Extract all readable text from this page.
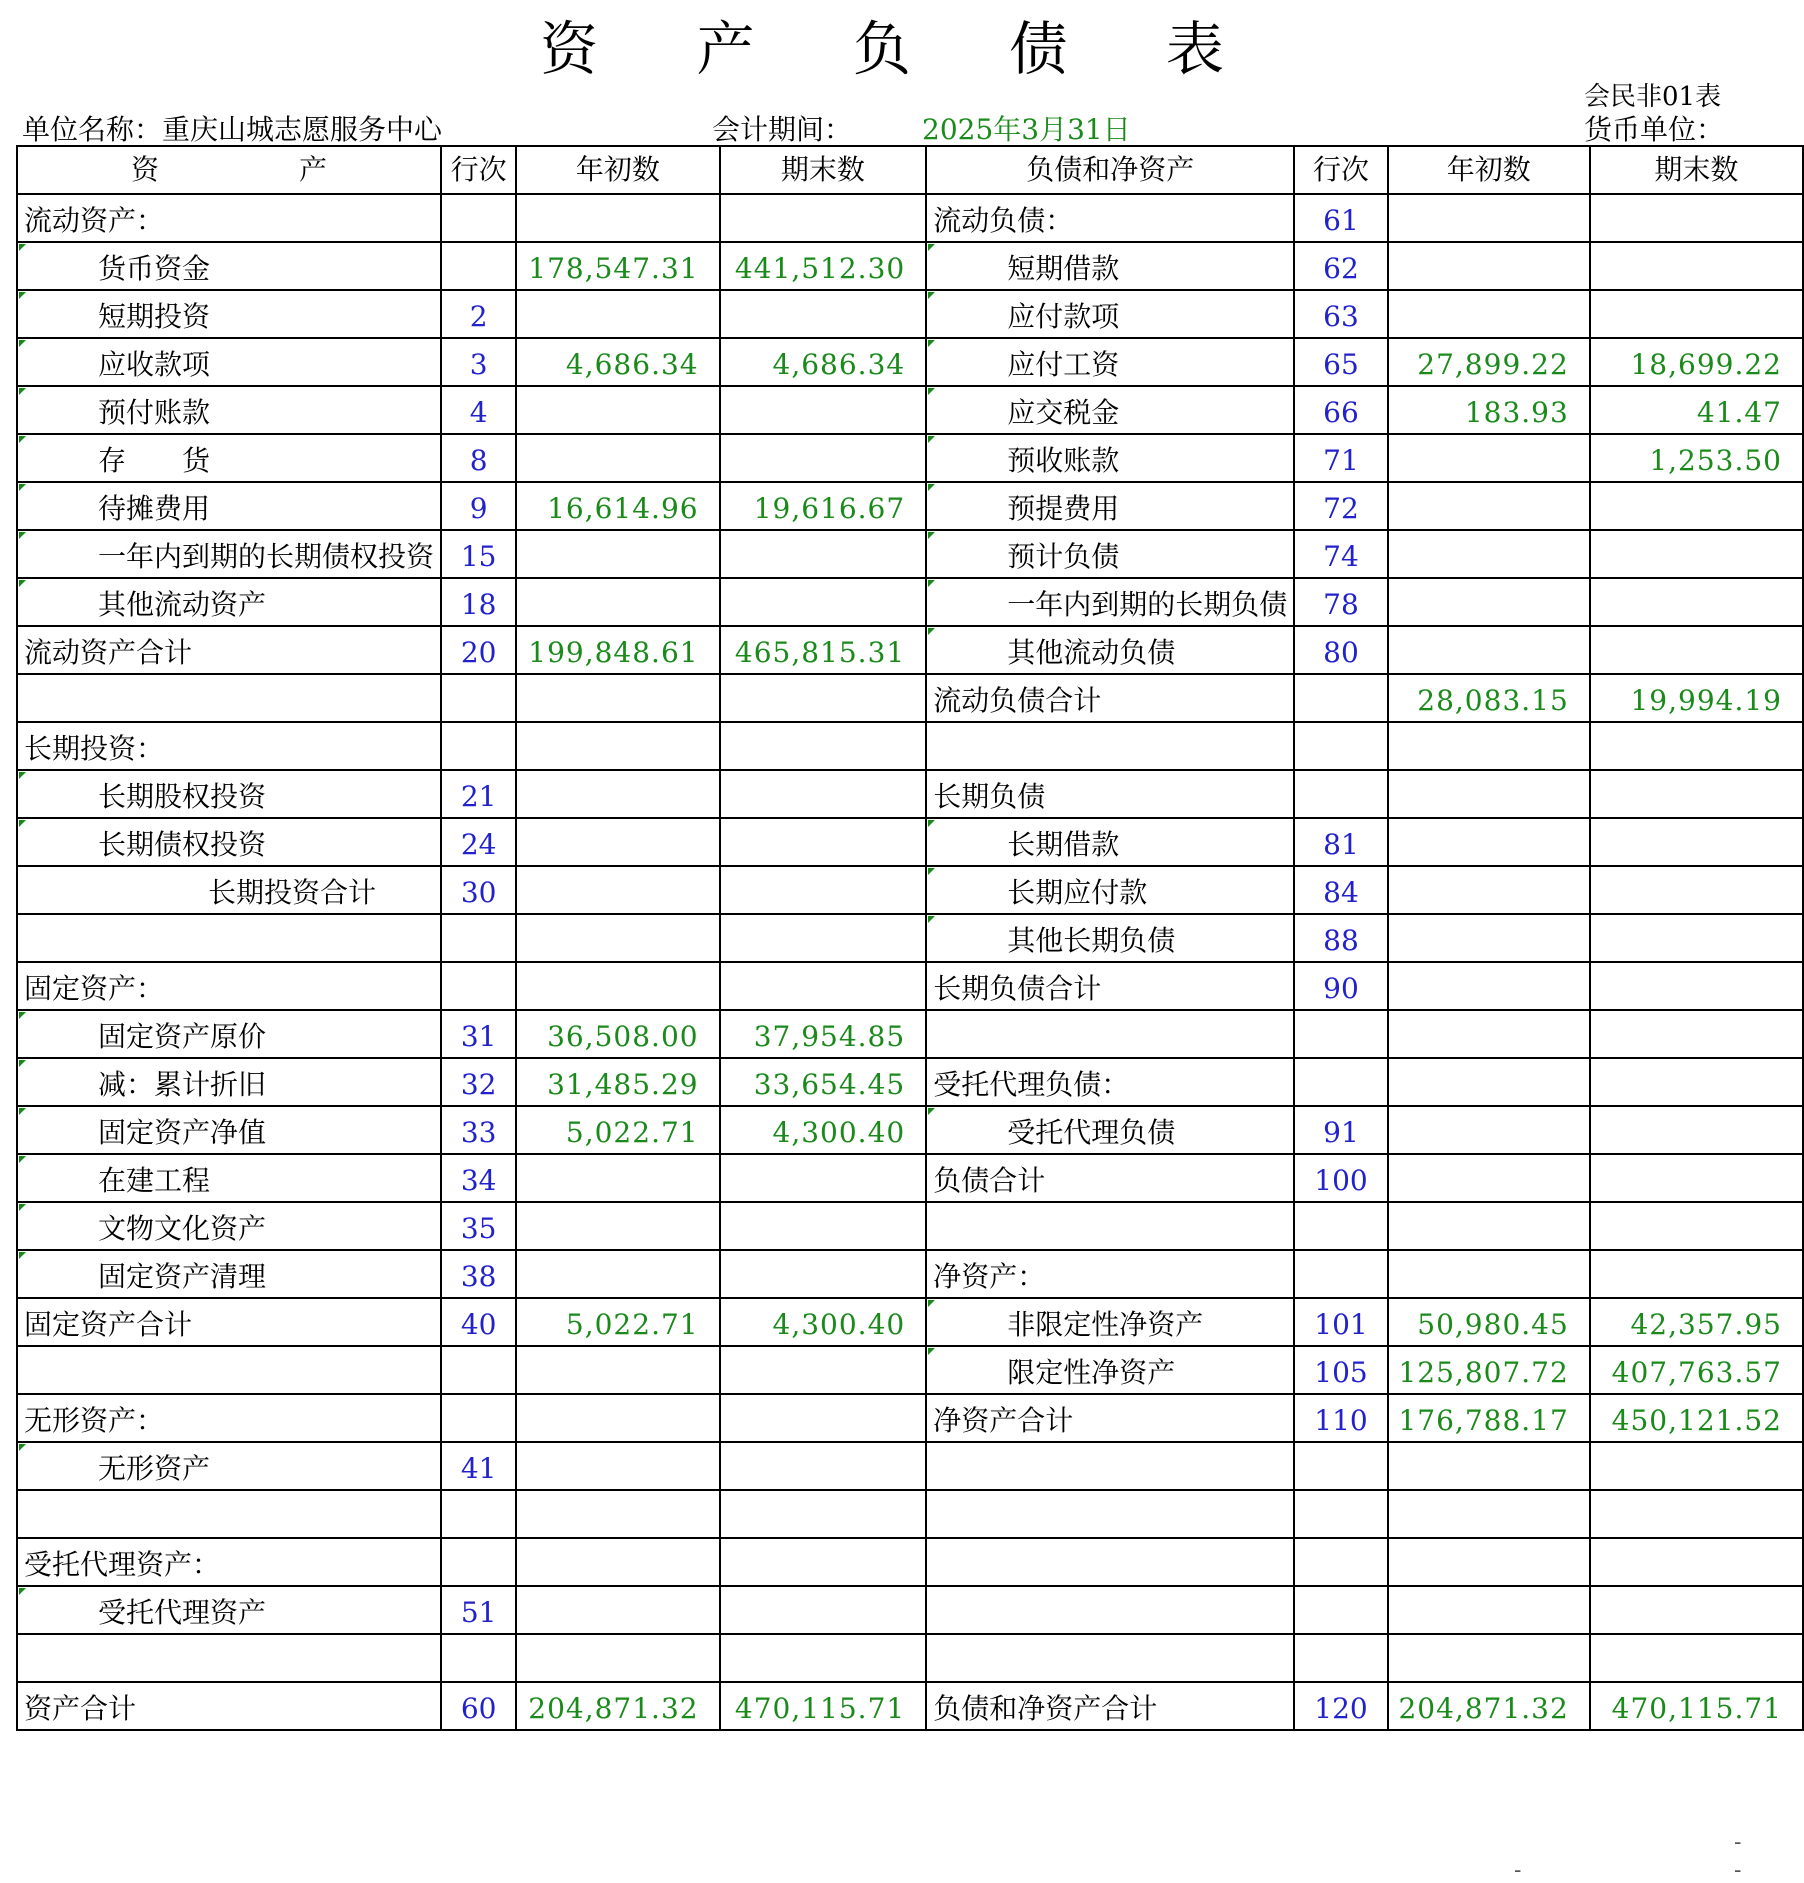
资 产 负 债 表
单位名称：重庆山城志愿服务中心	会计期间： 2025年3月31日
会民非01表
货币单位：
资　　　　　产	行次	年初数	期末数	负债和净资产	行次	年初数	期末数
流动资产：				流动负债：	61		
货币资金		178,547.31	441,512.30	短期借款	62		
短期投资	2			应付款项	63		
应收款项	3	4,686.34	4,686.34	应付工资	65	27,899.22	18,699.22
预付账款	4			应交税金	66	183.93	41.47
存　　货	8			预收账款	71		1,253.50
待摊费用	9	16,614.96	19,616.67	预提费用	72		
一年内到期的长期债权投资	15			预计负债	74		
其他流动资产	18			一年内到期的长期负债	78		
流动资产合计	20	199,848.61	465,815.31	其他流动负债	80		
				流动负债合计		28,083.15	19,994.19
长期投资：							
长期股权投资	21			长期负债			
长期债权投资	24			长期借款	81		
长期投资合计	30			长期应付款	84		
				其他长期负债	88		
固定资产：				长期负债合计	90		
固定资产原价	31	36,508.00	37,954.85				
减：累计折旧	32	31,485.29	33,654.45	受托代理负债：			
固定资产净值	33	5,022.71	4,300.40	受托代理负债	91		
在建工程	34			负债合计	100		
文物文化资产	35						
固定资产清理	38			净资产：			
固定资产合计	40	5,022.71	4,300.40	非限定性净资产	101	50,980.45	42,357.95
				限定性净资产	105	125,807.72	407,763.57
无形资产：				净资产合计	110	176,788.17	450,121.52
无形资产	41						

受托代理资产：							
受托代理资产	51						

资产合计	60	204,871.32	470,115.71	负债和净资产合计	120	204,871.32	470,115.71
-
-	-
